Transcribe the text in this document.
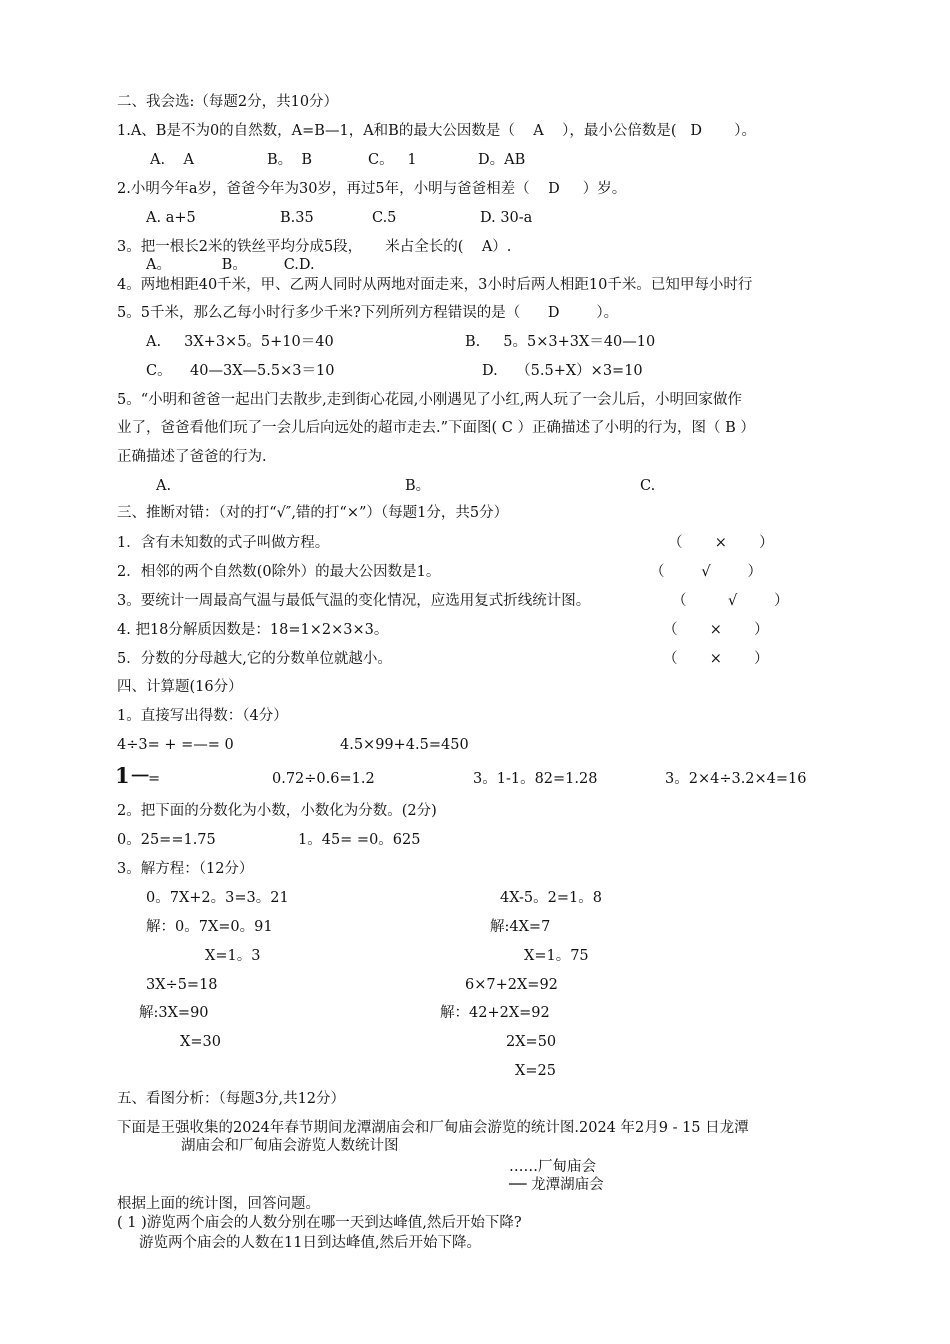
二、我会选:（每题2分，共10分）
1.A、B是不为0的自然数，A=B—1，A和B的最大公因数是（    A    ），最小公倍数是(   D       ）。
A.    A	B。  B	C。   1	D。AB
2.小明今年a岁，爸爸今年为30岁，再过5年，小明与爸爸相差（    D     ）岁。
A. a+5	B.35	C.5	D. 30-a
3。把一根长2米的铁丝平均分成5段，     米占全长的(    A）.
A。           B。        C.D.
4。两地相距40千米，甲、乙两人同时从两地对面走来，3小时后两人相距10千米。已知甲每小时行
5。5千米，那么乙每小时行多少千米?下列所列方程错误的是（      D        ）。
A.     3X+3×5。5+10＝40	B.     5。5×3+3X＝40—10
C。    40—3X—5.5×3＝10	D.    （5.5+X）×3=10
5。“小明和爸爸一起出门去散步,走到街心花园,小刚遇见了小红,两人玩了一会儿后，小明回家做作
业了，爸爸看他们玩了一会儿后向远处的超市走去.”下面图( C ）正确描述了小明的行为，图（ B ）
正确描述了爸爸的行为.
A.	B。	C.
三、推断对错：（对的打“√″,错的打“×”）（每题1分，共5分）
1．含有未知数的式子叫做方程。	（       ×       ）
2．相邻的两个自然数(0除外）的最大公因数是1。	（        √        ）
3。要统计一周最高气温与最低气温的变化情况，应选用复式折线统计图。	（         √        ）
4. 把18分解质因数是：18=1×2×3×3。	（       ×       ）
5．分数的分母越大,它的分数单位就越小。	（       ×       ）
四、计算题(16分）
1。直接写出得数：（4分）
4÷3= + =—= 0	4.5×99+4.5=450
1－
=	0.72÷0.6=1.2	3。1-1。82=1.28	3。2×4÷3.2×4=16
2。把下面的分数化为小数，小数化为分数。(2分)
0。25==1.75	1。45= =0。625
3。解方程：（12分）
0。7X+2。3=3。21
解：0。7X=0。91
X=1。3
4X-5。2=1。8
解:4X=7
X=1。75
3X÷5=18
解:3X=90
X=30
6×7+2X=92
解：42+2X=92
2X=50
X=25
五、看图分析：（每题3分,共12分）
下面是王强收集的2024年春节期间龙潭湖庙会和厂甸庙会游览的统计图.2024 年2月9 - 15 日龙潭
湖庙会和厂甸庙会游览人数统计图
……厂甸庙会
── 龙潭湖庙会
根据上面的统计图，回答问题。
( 1 )游览两个庙会的人数分别在哪一天到达峰值,然后开始下降?
游览两个庙会的人数在11日到达峰值,然后开始下降。
